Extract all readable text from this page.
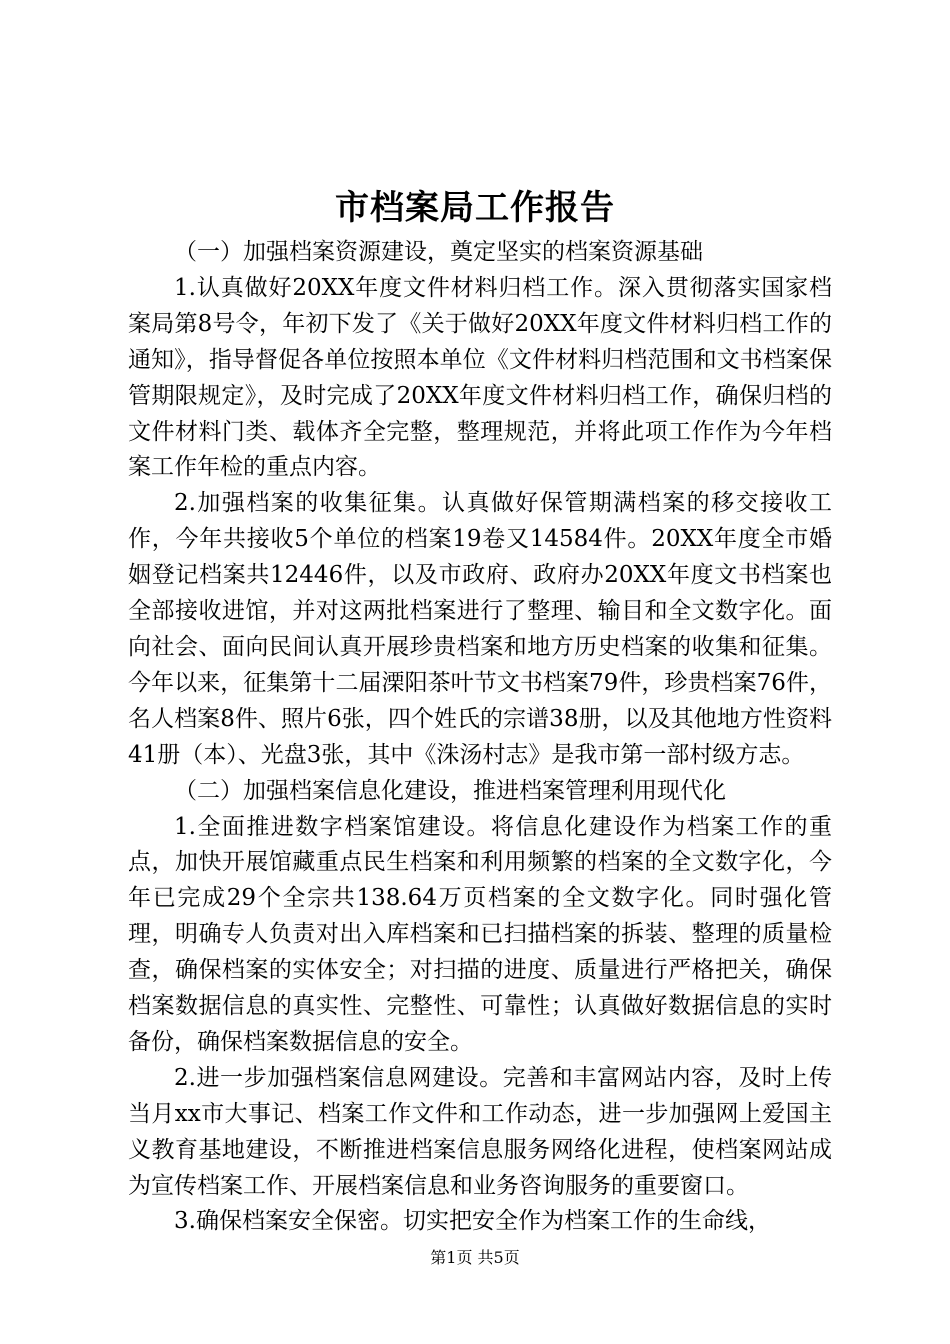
市档案局工作报告

（一）加强档案资源建设，奠定坚实的档案资源基础

1.认真做好20XX年度文件材料归档工作。深入贯彻落实国家档案局第8号令，年初下发了《关于做好20XX年度文件材料归档工作的通知》，指导督促各单位按照本单位《文件材料归档范围和文书档案保管期限规定》，及时完成了20XX年度文件材料归档工作，确保归档的文件材料门类、载体齐全完整，整理规范，并将此项工作作为今年档案工作年检的重点内容。

2.加强档案的收集征集。认真做好保管期满档案的移交接收工作，今年共接收5个单位的档案19卷又14584件。20XX年度全市婚姻登记档案共12446件，以及市政府、政府办20XX年度文书档案也全部接收进馆，并对这两批档案进行了整理、输目和全文数字化。面向社会、面向民间认真开展珍贵档案和地方历史档案的收集和征集。今年以来，征集第十二届溧阳茶叶节文书档案79件，珍贵档案76件，名人档案8件、照片6张，四个姓氏的宗谱38册，以及其他地方性资料41册（本）、光盘3张，其中《洙汤村志》是我市第一部村级方志。

（二）加强档案信息化建设，推进档案管理利用现代化

1.全面推进数字档案馆建设。将信息化建设作为档案工作的重点，加快开展馆藏重点民生档案和利用频繁的档案的全文数字化，今年已完成29个全宗共138.64万页档案的全文数字化。同时强化管理，明确专人负责对出入库档案和已扫描档案的拆装、整理的质量检查，确保档案的实体安全；对扫描的进度、质量进行严格把关，确保档案数据信息的真实性、完整性、可靠性；认真做好数据信息的实时备份，确保档案数据信息的安全。

2.进一步加强档案信息网建设。完善和丰富网站内容，及时上传当月xx市大事记、档案工作文件和工作动态，进一步加强网上爱国主义教育基地建设，不断推进档案信息服务网络化进程，使档案网站成为宣传档案工作、开展档案信息和业务咨询服务的重要窗口。

3.确保档案安全保密。切实把安全作为档案工作的生命线，

第1页 共5页
